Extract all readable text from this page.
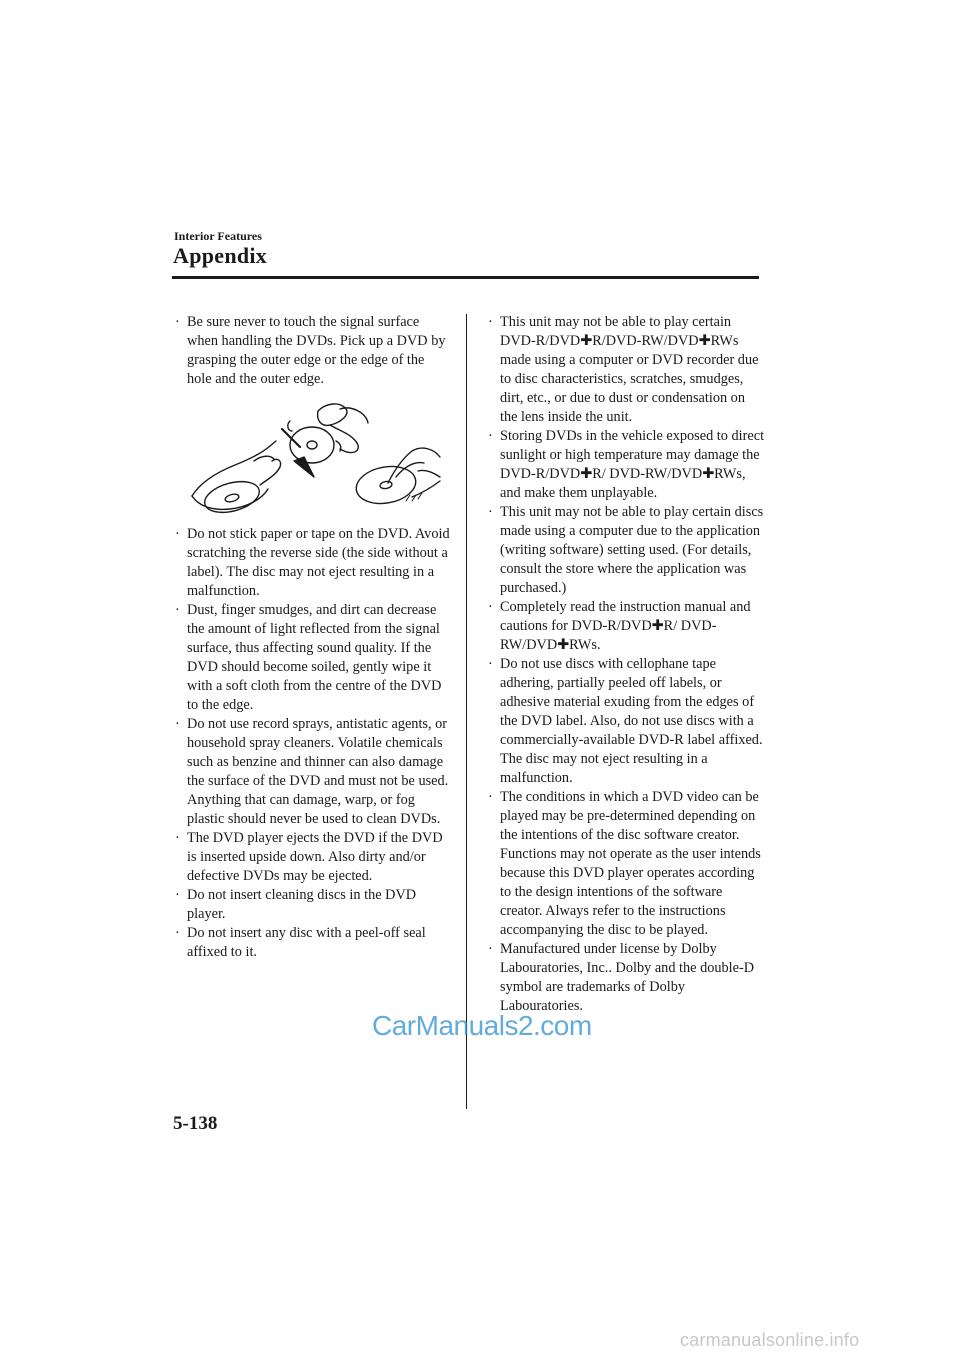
Interior Features
Appendix

· Be sure never to touch the signal surface when handling the DVDs. Pick up a DVD by grasping the outer edge or the edge of the hole and the outer edge.

· Do not stick paper or tape on the DVD. Avoid scratching the reverse side (the side without a label). The disc may not eject resulting in a malfunction.

· Dust, finger smudges, and dirt can decrease the amount of light reflected from the signal surface, thus affecting sound quality. If the DVD should become soiled, gently wipe it with a soft cloth from the centre of the DVD to the edge.

· Do not use record sprays, antistatic agents, or household spray cleaners. Volatile chemicals such as benzine and thinner can also damage the surface of the DVD and must not be used. Anything that can damage, warp, or fog plastic should never be used to clean DVDs.

· The DVD player ejects the DVD if the DVD is inserted upside down. Also dirty and/or defective DVDs may be ejected.

· Do not insert cleaning discs in the DVD player.

· Do not insert any disc with a peel-off seal affixed to it.

· This unit may not be able to play certain DVD-R/DVD✚R/DVD-RW/DVD✚RWs made using a computer or DVD recorder due to disc characteristics, scratches, smudges, dirt, etc., or due to dust or condensation on the lens inside the unit.

· Storing DVDs in the vehicle exposed to direct sunlight or high temperature may damage the DVD-R/DVD✚R/ DVD-RW/DVD✚RWs, and make them unplayable.

· This unit may not be able to play certain discs made using a computer due to the application (writing software) setting used. (For details, consult the store where the application was purchased.)

· Completely read the instruction manual and cautions for DVD-R/DVD✚R/ DVD-RW/DVD✚RWs.

· Do not use discs with cellophane tape adhering, partially peeled off labels, or adhesive material exuding from the edges of the DVD label. Also, do not use discs with a commercially-available DVD-R label affixed. The disc may not eject resulting in a malfunction.

· The conditions in which a DVD video can be played may be pre-determined depending on the intentions of the disc software creator. Functions may not operate as the user intends because this DVD player operates according to the design intentions of the software creator. Always refer to the instructions accompanying the disc to be played.

· Manufactured under license by Dolby Labouratories, Inc.. Dolby and the double-D symbol are trademarks of Dolby Labouratories.

5-138
CarManuals2.com
carmanualsonline.info
